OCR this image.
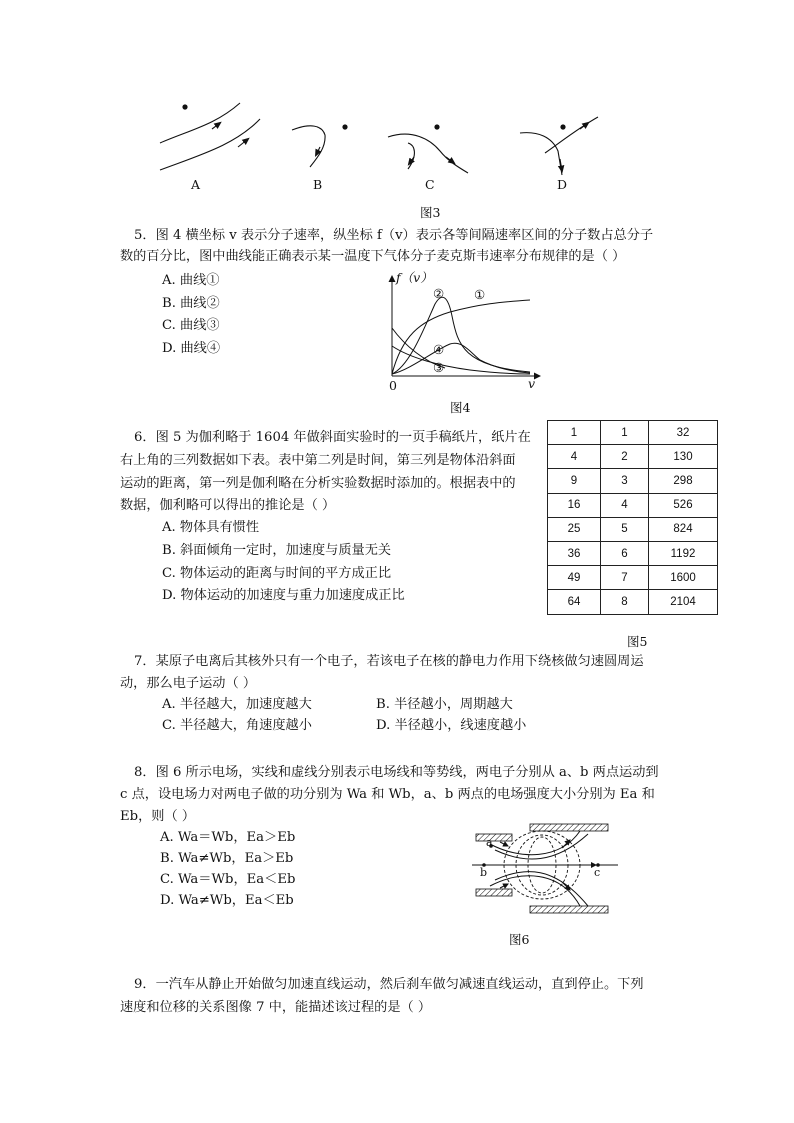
A	B	C	D
图3
5．图 4 横坐标 v 表示分子速率，纵坐标 f（v）表示各等间隔速率区间的分子数占总分子
数的百分比，图中曲线能正确表示某一温度下气体分子麦克斯韦速率分布规律的是（ ）
A. 曲线①
B. 曲线②
C. 曲线③
D. 曲线④
f（v）
v
0
①
②
③
④
图4
6．图 5 为伽利略于 1604 年做斜面实验时的一页手稿纸片，纸片在
右上角的三列数据如下表。表中第二列是时间，第三列是物体沿斜面
运动的距离，第一列是伽利略在分析实验数据时添加的。根据表中的
数据，伽利略可以得出的推论是（ ）
A. 物体具有惯性
B. 斜面倾角一定时，加速度与质量无关
C. 物体运动的距离与时间的平方成正比
D. 物体运动的加速度与重力加速度成正比
1	1	32
4	2	130
9	3	298
16	4	526
25	5	824
36	6	1192
49	7	1600
64	8	2104
图5
7．某原子电离后其核外只有一个电子，若该电子在核的静电力作用下绕核做匀速圆周运
动，那么电子运动（ ）
A. 半径越大，加速度越大	B. 半径越小，周期越大
C. 半径越大，角速度越小	D. 半径越小，线速度越小
8．图 6 所示电场，实线和虚线分别表示电场线和等势线，两电子分别从 a、b 两点运动到
c 点，设电场力对两电子做的功分别为 Wa 和 Wb，a、b 两点的电场强度大小分别为 Ea 和
Eb，则（ ）
A. Wa＝Wb，Ea＞Eb
B. Wa≠Wb，Ea＞Eb
C. Wa＝Wb，Ea＜Eb
D. Wa≠Wb，Ea＜Eb
a
b	c
图6
9．一汽车从静止开始做匀加速直线运动，然后刹车做匀减速直线运动，直到停止。下列
速度和位移的关系图像 7 中，能描述该过程的是（ ）
